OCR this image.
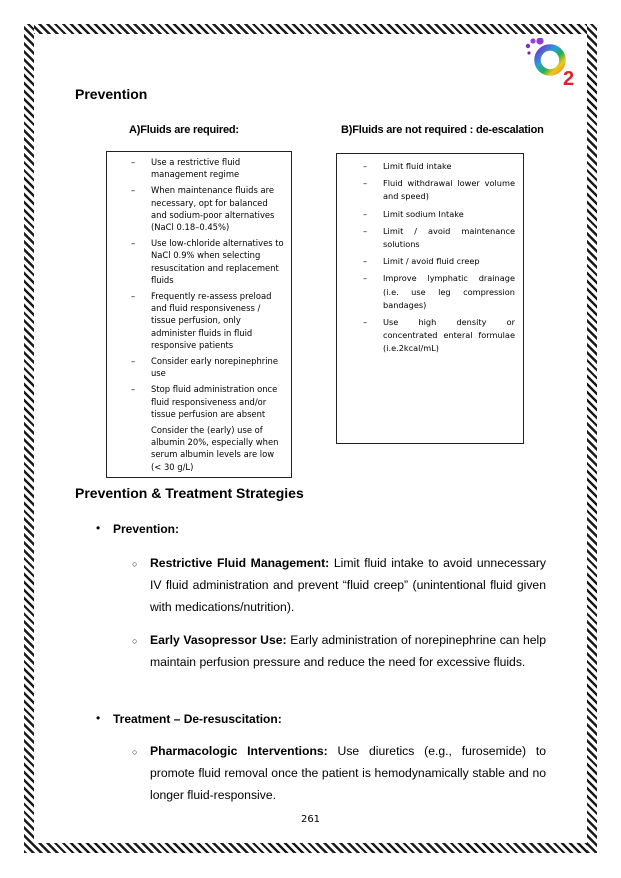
2
Prevention
A)Fluids are required:	B)Fluids are not required : de-escalation
– Use a restrictive fluid management regime
– When maintenance fluids are necessary, opt for balanced and sodium-poor alternatives (NaCl 0.18–0.45%)
– Use low-chloride alternatives to NaCl 0.9% when selecting resuscitation and replacement fluids
– Frequently re-assess preload and fluid responsiveness / tissue perfusion, only administer fluids in fluid responsive patients
– Consider early norepinephrine use
– Stop fluid administration once fluid responsiveness and/or tissue perfusion are absent
Consider the (early) use of albumin 20%, especially when serum albumin levels are low (< 30 g/L)
– Limit fluid intake
– Fluid withdrawal lower volume and speed)
– Limit sodium Intake
– Limit / avoid maintenance solutions
– Limit / avoid fluid creep
– Improve lymphatic drainage (i.e. use leg compression bandages)
– Use high density or concentrated enteral formulae (i.e.2kcal/mL)
Prevention & Treatment Strategies
• Prevention:
○ Restrictive Fluid Management: Limit fluid intake to avoid unnecessary IV fluid administration and prevent “fluid creep” (unintentional fluid given with medications/nutrition).

○ Early Vasopressor Use: Early administration of norepinephrine can help maintain perfusion pressure and reduce the need for excessive fluids.

• Treatment – De-resuscitation:
○ Pharmacologic Interventions: Use diuretics (e.g., furosemide) to promote fluid removal once the patient is hemodynamically stable and no longer fluid-responsive.

261
